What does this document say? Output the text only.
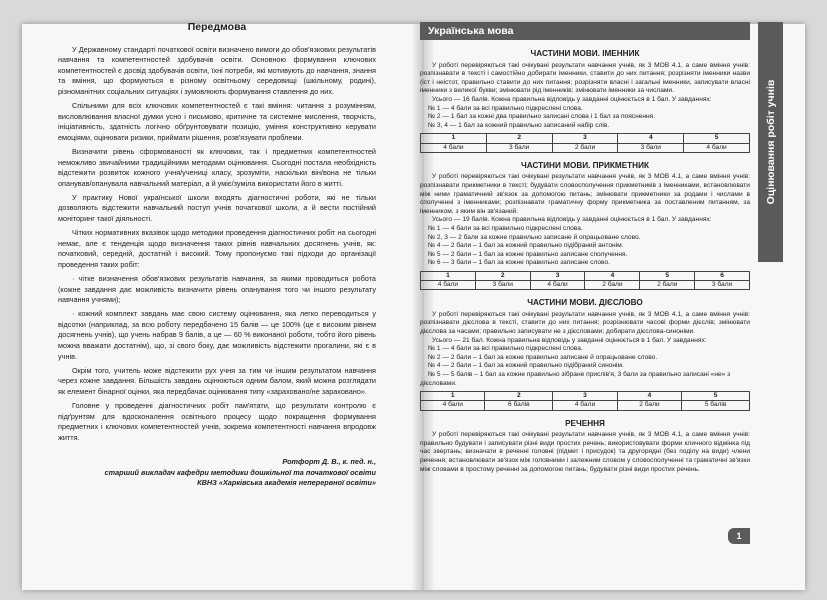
Передмова

У Державному стандарті початкової освіти визначено вимоги до обов'язкових результатів навчання та компетентностей здобувачів освіти. Основною формування ключових компетентностей є досвід здобувачів освіти, їхні потреби, які мотивують до навчання, знання та вміння, що формуються в різному освітньому середовищі (шкільному, родині), різноманітних соціальних ситуаціях і зумовлюють формування ставлення до них.

Спільними для всіх ключових компетентностей є такі вміння: читання з розумінням, висловлювання власної думки усно і письмово, критичне та системне мислення, творчість, ініціативність, здатність логічно обґрунтовувати позицію, уміння конструктивно керувати емоціями, оцінювати ризики, приймати рішення, розв'язувати проблеми.

Визначити рівень сформованості як ключових, так і предметних компетентностей неможливо звичайними традиційними методами оцінювання. Сьогодні постала необхідність відстежити розвиток кожного учня/учениці класу, зрозуміти, наскільки він/вона не тільки опанував/опанувала навчальний матеріал, а й уміє/зуміла використати його в житті.

У практику Нової української школи входять діагностичні роботи, які не тільки дозволяють відстежити навчальний поступ учнів початкової школи, а й вести постійний моніторинг такої діяльності.

Чітких нормативних вказівок щодо методики проведення діагностичних робіт на сьогодні немає, але є тенденція щодо визначення таких рівнів навчальних досягнень учнів, як: початковий, середній, достатній і високий. Тому пропонуємо такі підходи до організації проведення таких робіт:

· чітке визначення обов'язкових результатів навчання, за якими проводиться робота (кожне завдання дає можливість визначити рівень опанування того чи іншого результату навчання учнями);

· кожний комплект завдань має свою систему оцінювання, яка легко переводиться у відсотки (наприклад, за всю роботу передбачено 15 балів — це 100% (це є високим рівнем досягнень учнів), що учень набрав 9 балів, а це — 60 % виконаної роботи, тобто його рівень можна вважати достатнім), що, зі свого боку, дає можливість відстежити прогалини, які є в учнів.

Окрім того, учитель може відстежити рух учня за тим чи іншим результатом навчання через кожне завдання. Більшість завдань оцінюються одним балом, який можна розглядати як елемент бінарної оцінки, яка передбачає оцінювання типу «зараховано/не зараховано».

Головне у проведенні діагностичних робіт пам'ятати, що результати контролю є підґрунтям для вдосконалення освітнього процесу щодо покращення формування предметних і ключових компетентностей учнів, зокрема компетентності навчання впродовж життя.

Ротфорт Д. В., к. пед. н.,
старший викладач кафедри методики дошкільної та початкової освіти
КВНЗ «Харківська академія неперервної освіти»
Українська мова
ЧАСТИНИ МОВИ. ІМЕННИК

У роботі перевіряються такі очікувані результати навчання учнів, як 3 МОВ 4.1, а саме вміння учнів: розпізнавати в тексті і самостійно добирати іменники, ставити до них питання; розрізняти іменники назви (іст і неістот, правильно ставити до них питання; розрізняти власні і загальні іменники, записувати власні іменники з великої букви; змінювати рід іменників; змінювати іменники за числами.

Усього — 16 балів. Кожна правильна відповідь у завданні оцінюється в 1 бал. У завданнях:

№ 1 — 4 бали за всі правильно підкреслені слова.
№ 2 — 1 бал за кожні два правильно записані слова і 1 бал за пояснення.
№ 3, 4 — 1 бал за кожний правильно записаний набір слів.
1	2	3	4	5
4 бали	3 бали	2 бали	3 бали	4 бали
ЧАСТИНИ МОВИ. ПРИКМЕТНИК

У роботі перевіряються такі очікувані результати навчання учнів, як 3 МОВ 4.1, а саме вміння учнів: розпізнавати прикметники в тексті; будувати словосполучення прикметників з іменниками, встановлювати між ними граматичний зв'язок за допомогою питань; змінювати прикметники за родами і числами в сполученні з іменниками; розпізнавати граматичну форму прикметника за поставленим питанням, за іменником, з яким він зв'язаний.

Усього — 19 балів. Кожна правильна відповідь у завданні оцінюється в 1 бал. У завданнях:

№ 1 — 4 бали за всі правильно підкреслені слова.
№ 2, 3 — 2 бали за кожне правильно записане й опрацьоване слово.
№ 4 — 2 бали – 1 бал за кожний правильно підібраний антонім.
№ 5 — 2 бали – 1 бал за кожне правильно записане сполучення.
№ 6 — 3 бали – 1 бал за кожне правильно записане слово.
1	2	3	4	5	6
4 бали	3 бали	4 бали	2 бали	2 бали	3 бали
ЧАСТИНИ МОВИ. ДІЄСЛОВО

У роботі перевіряються такі очікувані результати навчання учнів, як 3 МОВ 4.1, а саме вміння учнів: розпізнавати дієслова в тексті, ставити до них питання; розрізнювати часові форми дієслів; змінювати дієслова за часами; правильно записувати не з дієсловами; добирати дієслова-синоніми.

Усього — 21 бал. Кожна правильна відповідь у завданні оцінюється в 1 бал. У завданнях:

№ 1 — 4 бали за всі правильно підкреслені слова.
№ 2 — 2 бали – 1 бал за кожне правильно записане й опрацьоване слово.
№ 4 — 2 бали – 1 бал за кожний правильно підібраний синонім.
№ 5 — 5 балів – 1 бал за кожне правильно зібране прислів'я, 3 бали за правильно записані «не» з дієсловами.
1	2	3	4	5
4 бали	6 балів	4 бали	2 бали	5 балів
РЕЧЕННЯ

У роботі перевіряються такі очікувані результати навчання учнів, як 3 МОВ 4.1, а саме вміння учнів: правильно будувати і записувати різні види простих речень; використовувати форми кличного відмінка під час звертань; визначати в реченні головні (підмет і присудок) та другорядні (без поділу на види) члени речення; встановлювати зв'язок між головними і залежним словом у словосполученні та граматичні зв'язки між словами в простому реченні за допомогою питань; будувати різні види простих речень.

Оцінювання робіт учнів
1
